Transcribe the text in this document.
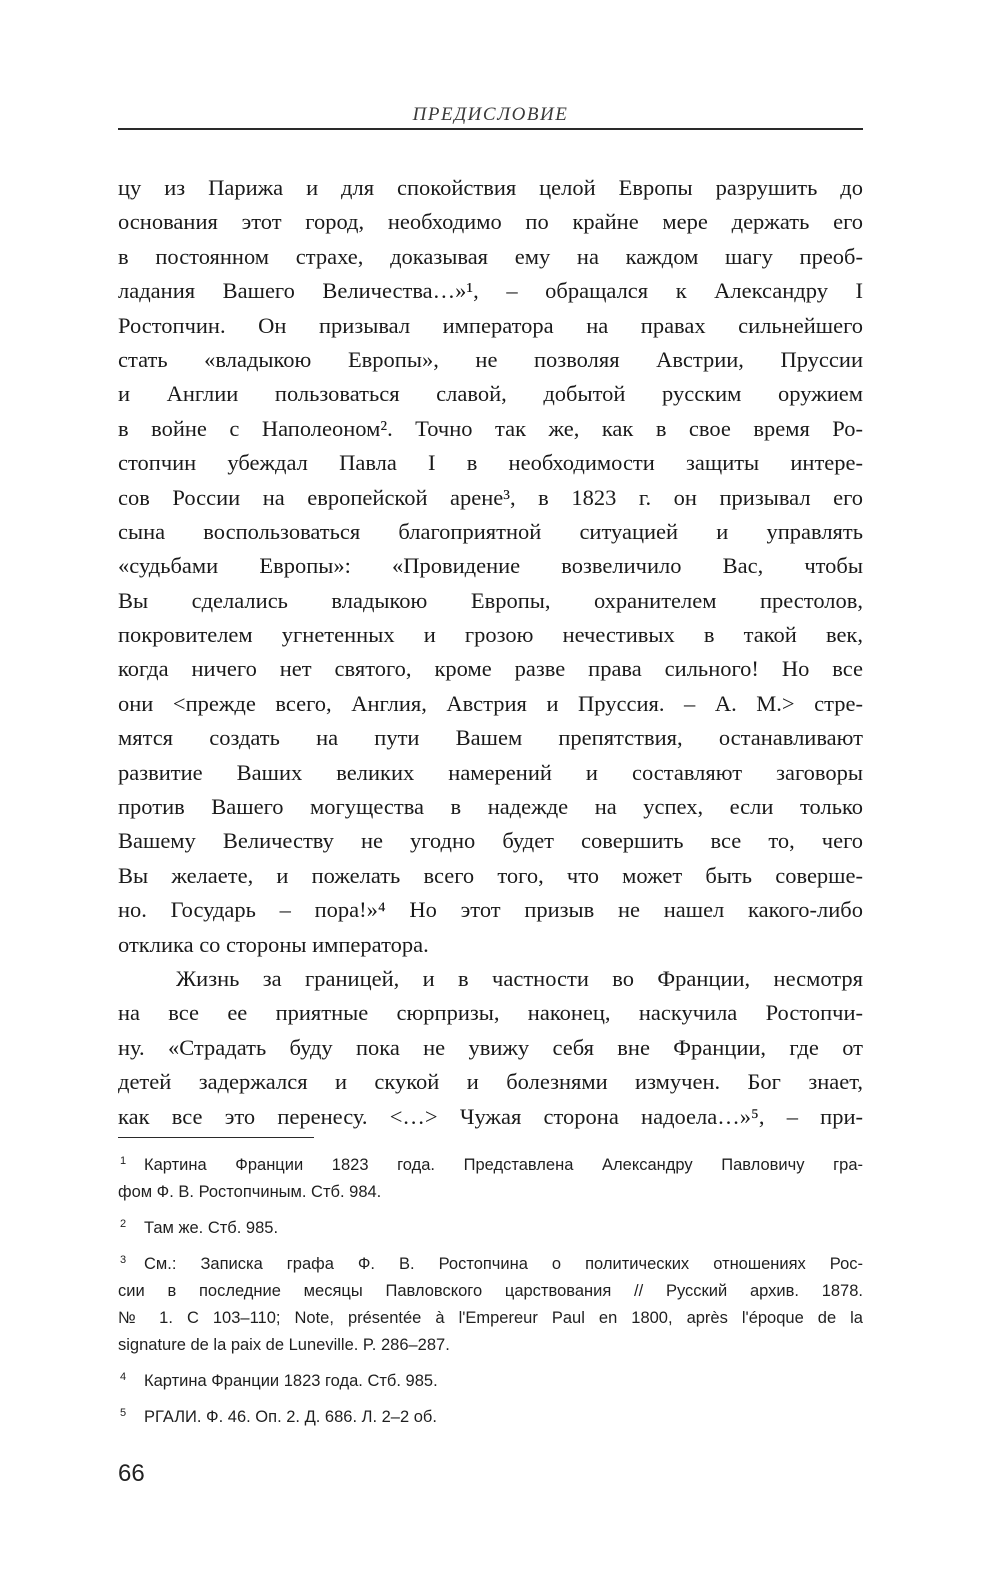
ПРЕДИСЛОВИЕ
цу из Парижа и для спокойствия целой Европы разрушить до
основания этот город, необходимо по крайне мере держать его
в постоянном страхе, доказывая ему на каждом шагу преоб-
ладания Вашего Величества…»¹, – обращался к Александру I
Ростопчин. Он призывал императора на правах сильнейшего
стать «владыкою Европы», не позволяя Австрии, Пруссии
и Англии пользоваться славой, добытой русским оружием
в войне с Наполеоном². Точно так же, как в свое время Ро-
стопчин убеждал Павла I в необходимости защиты интере-
сов России на европейской арене³, в 1823 г. он призывал его
сына воспользоваться благоприятной ситуацией и управлять
«судьбами Европы»: «Провидение возвеличило Вас, чтобы
Вы сделались владыкою Европы, охранителем престолов,
покровителем угнетенных и грозою нечестивых в такой век,
когда ничего нет святого, кроме разве права сильного! Но все
они <прежде всего, Англия, Австрия и Пруссия. – А. М.> стре-
мятся создать на пути Вашем препятствия, останавливают
развитие Ваших великих намерений и составляют заговоры
против Вашего могущества в надежде на успех, если только
Вашему Величеству не угодно будет совершить все то, чего
Вы желаете, и пожелать всего того, что может быть соверше-
но. Государь – пора!»⁴ Но этот призыв не нашел какого-либо
отклика со стороны императора.
Жизнь за границей, и в частности во Франции, несмотря
на все ее приятные сюрпризы, наконец, наскучила Ростопчи-
ну. «Страдать буду пока не увижу себя вне Франции, где от
детей задержался и скукой и болезнями измучен. Бог знает,
как все это перенесу. <…> Чужая сторона надоела…»⁵, – при-
1 Картина Франции 1823 года. Представлена Александру Павловичу гра-
фом Ф. В. Ростопчиным. Стб. 984.
2 Там же. Стб. 985.
3 См.: Записка графа Ф. В. Ростопчина о политических отношениях Рос-
сии в последние месяцы Павловского царствования // Русский архив. 1878.
№ 1. С 103–110; Note, présentée à l'Empereur Paul en 1800, après l'époque de la
signature de la paix de Luneville. P. 286–287.
4 Картина Франции 1823 года. Стб. 985.
5 РГАЛИ. Ф. 46. Оп. 2. Д. 686. Л. 2–2 об.
66
